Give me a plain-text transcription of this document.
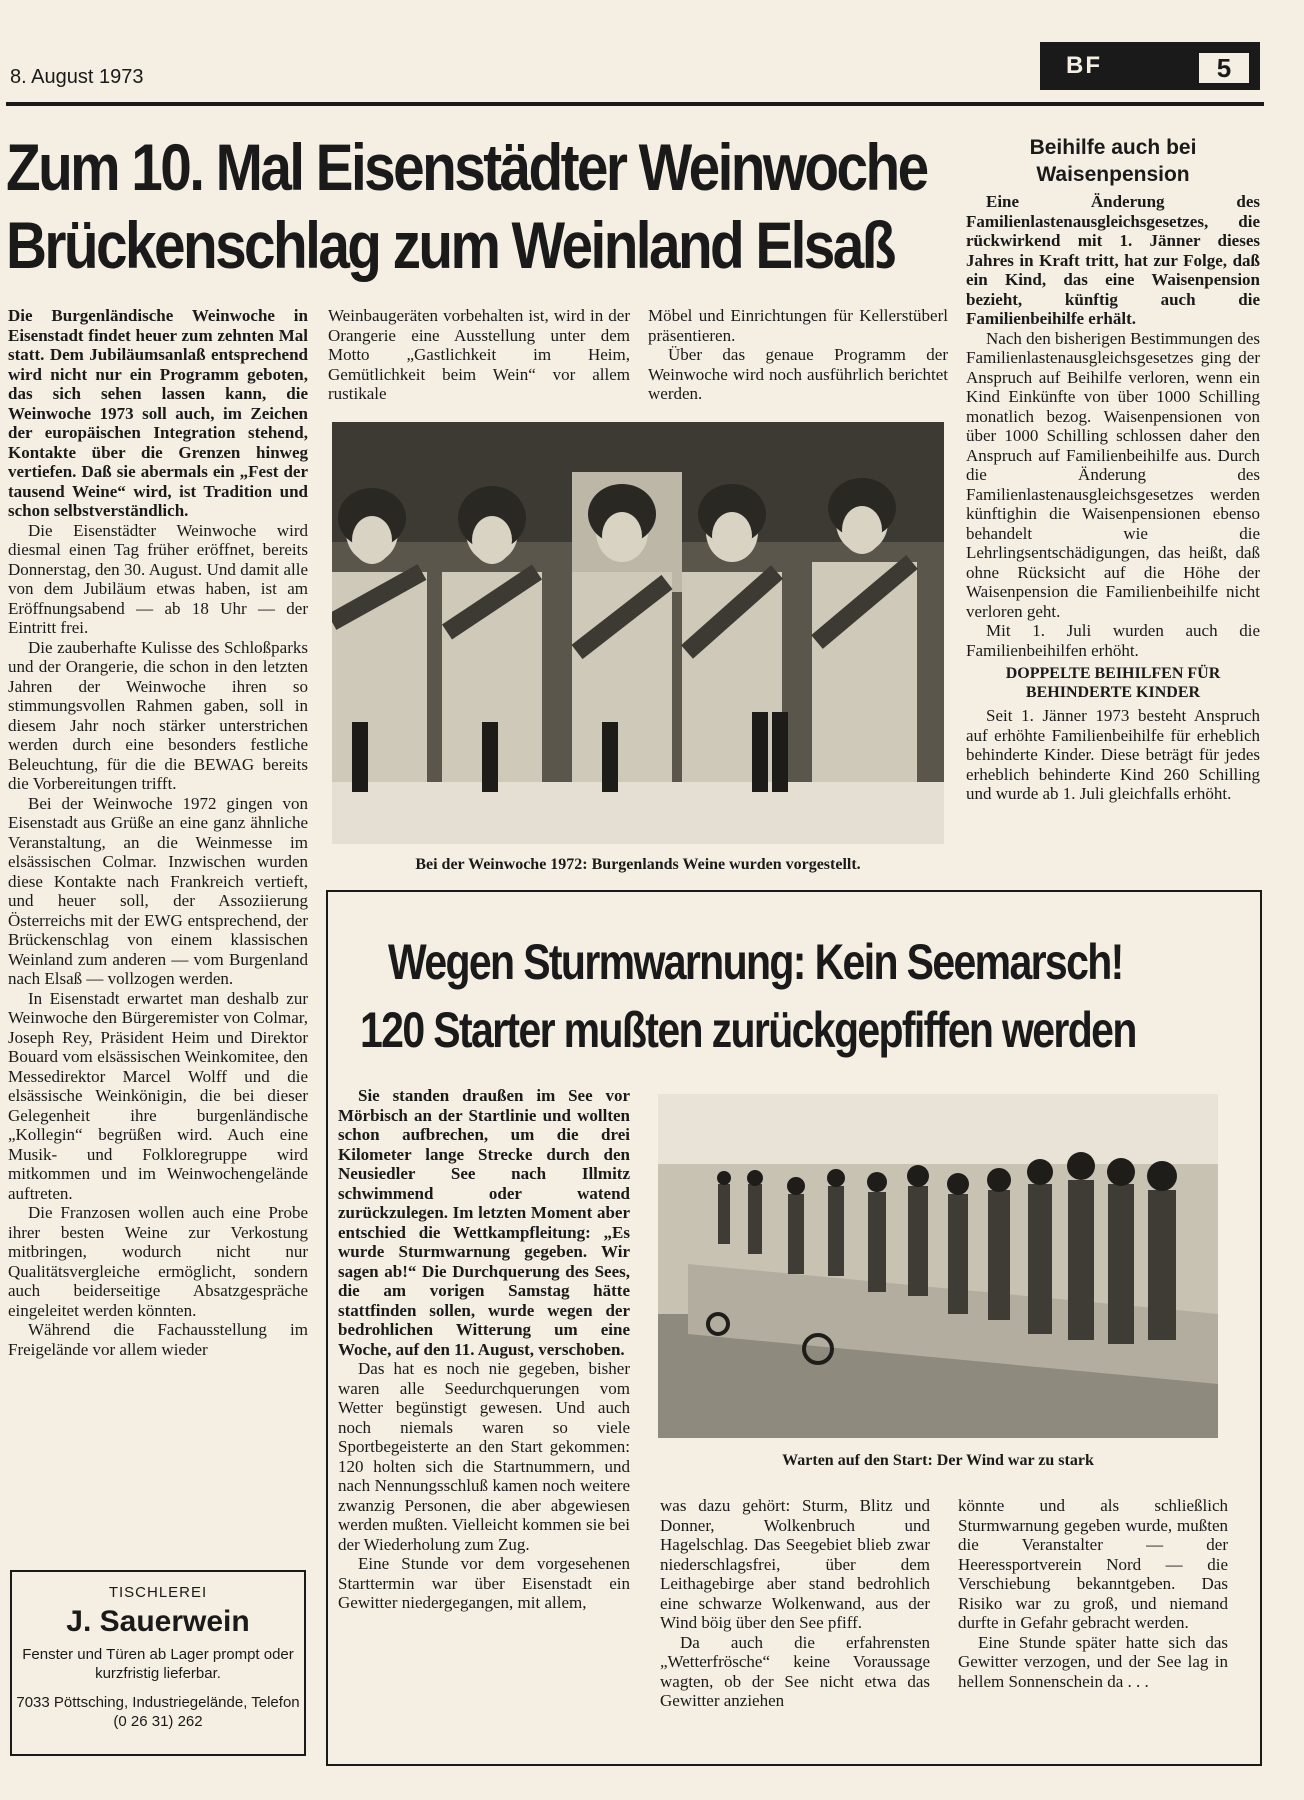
8. August 1973	BF	5
Zum 10. Mal Eisenstädter Weinwoche
Brückenschlag zum Weinland Elsaß

Die Burgenländische Weinwoche in Eisenstadt findet heuer zum zehnten Mal statt. Dem Jubiläumsanlaß entsprechend wird nicht nur ein Programm geboten, das sich sehen lassen kann, die Weinwoche 1973 soll auch, im Zeichen der europäischen Integration stehend, Kontakte über die Grenzen hinweg vertiefen. Daß sie abermals ein „Fest der tausend Weine“ wird, ist Tradition und schon selbstverständlich.

Die Eisenstädter Weinwoche wird diesmal einen Tag früher eröffnet, bereits Donnerstag, den 30. August. Und damit alle von dem Jubiläum etwas haben, ist am Eröffnungsabend — ab 18 Uhr — der Eintritt frei.

Die zauberhafte Kulisse des Schloßparks und der Orangerie, die schon in den letzten Jahren der Weinwoche ihren so stimmungsvollen Rahmen gaben, soll in diesem Jahr noch stärker unterstrichen werden durch eine besonders festliche Beleuchtung, für die die BEWAG bereits die Vorbereitungen trifft.

Bei der Weinwoche 1972 gingen von Eisenstadt aus Grüße an eine ganz ähnliche Veranstaltung, an die Weinmesse im elsässischen Colmar. Inzwischen wurden diese Kontakte nach Frankreich vertieft, und heuer soll, der Assoziierung Österreichs mit der EWG entsprechend, der Brückenschlag von einem klassischen Weinland zum anderen — vom Burgenland nach Elsaß — vollzogen werden.

In Eisenstadt erwartet man deshalb zur Weinwoche den Bürgeremister von Colmar, Joseph Rey, Präsident Heim und Direktor Bouard vom elsässischen Weinkomitee, den Messedirektor Marcel Wolff und die elsässische Weinkönigin, die bei dieser Gelegenheit ihre burgenländische „Kollegin“ begrüßen wird. Auch eine Musik- und Folkloregruppe wird mitkommen und im Weinwochengelände auftreten.

Die Franzosen wollen auch eine Probe ihrer besten Weine zur Verkostung mitbringen, wodurch nicht nur Qualitätsvergleiche ermöglicht, sondern auch beiderseitige Absatzgespräche eingeleitet werden könnten.

Während die Fachausstellung im Freigelände vor allem wieder

Weinbaugeräten vorbehalten ist, wird in der Orangerie eine Ausstellung unter dem Motto „Gastlichkeit im Heim, Gemütlichkeit beim Wein“ vor allem rustikale

Möbel und Einrichtungen für Kellerstüberl präsentieren.

Über das genaue Programm der Weinwoche wird noch ausführlich berichtet werden.

Bei der Weinwoche 1972: Burgenlands Weine wurden vorgestellt.
Beihilfe auch bei Waisenpension

Eine Änderung des Familienlastenausgleichsgesetzes, die rückwirkend mit 1. Jänner dieses Jahres in Kraft tritt, hat zur Folge, daß ein Kind, das eine Waisenpension bezieht, künftig auch die Familienbeihilfe erhält.

Nach den bisherigen Bestimmungen des Familienlastenausgleichsgesetzes ging der Anspruch auf Beihilfe verloren, wenn ein Kind Einkünfte von über 1000 Schilling monatlich bezog. Waisenpensionen von über 1000 Schilling schlossen daher den Anspruch auf Familienbeihilfe aus. Durch die Änderung des Familienlastenausgleichsgesetzes werden künftighin die Waisenpensionen ebenso behandelt wie die Lehrlingsentschädigungen, das heißt, daß ohne Rücksicht auf die Höhe der Waisenpension die Familienbeihilfe nicht verloren geht.

Mit 1. Juli wurden auch die Familienbeihilfen erhöht.

DOPPELTE BEIHILFEN FÜR BEHINDERTE KINDER

Seit 1. Jänner 1973 besteht Anspruch auf erhöhte Familienbeihilfe für erheblich behinderte Kinder. Diese beträgt für jedes erheblich behinderte Kind 260 Schilling und wurde ab 1. Juli gleichfalls erhöht.

Wegen Sturmwarnung: Kein Seemarsch!
120 Starter mußten zurückgepfiffen werden

Sie standen draußen im See vor Mörbisch an der Startlinie und wollten schon aufbrechen, um die drei Kilometer lange Strecke durch den Neusiedler See nach Illmitz schwimmend oder watend zurückzulegen. Im letzten Moment aber entschied die Wettkampfleitung: „Es wurde Sturmwarnung gegeben. Wir sagen ab!“ Die Durchquerung des Sees, die am vorigen Samstag hätte stattfinden sollen, wurde wegen der bedrohlichen Witterung um eine Woche, auf den 11. August, verschoben.

Das hat es noch nie gegeben, bisher waren alle Seedurchquerungen vom Wetter begünstigt gewesen. Und auch noch niemals waren so viele Sportbegeisterte an den Start gekommen: 120 holten sich die Startnummern, und nach Nennungsschluß kamen noch weitere zwanzig Personen, die aber abgewiesen werden mußten. Vielleicht kommen sie bei der Wiederholung zum Zug.

Eine Stunde vor dem vorgesehenen Starttermin war über Eisenstadt ein Gewitter niedergegangen, mit allem,

Warten auf den Start: Der Wind war zu stark

was dazu gehört: Sturm, Blitz und Donner, Wolkenbruch und Hagelschlag. Das Seegebiet blieb zwar niederschlagsfrei, über dem Leithagebirge aber stand bedrohlich eine schwarze Wolkenwand, aus der Wind böig über den See pfiff.

Da auch die erfahrensten „Wetterfrösche“ keine Voraussage wagten, ob der See nicht etwa das Gewitter anziehen

könnte und als schließlich Sturmwarnung gegeben wurde, mußten die Veranstalter — der Heeressportverein Nord — die Verschiebung bekanntgeben. Das Risiko war zu groß, und niemand durfte in Gefahr gebracht werden.

Eine Stunde später hatte sich das Gewitter verzogen, und der See lag in hellem Sonnenschein da . . .

TISCHLEREI
J. Sauerwein
Fenster und Türen ab Lager prompt oder kurzfristig lieferbar.
7033 Pöttsching, Industriegelände, Telefon (0 26 31) 262
